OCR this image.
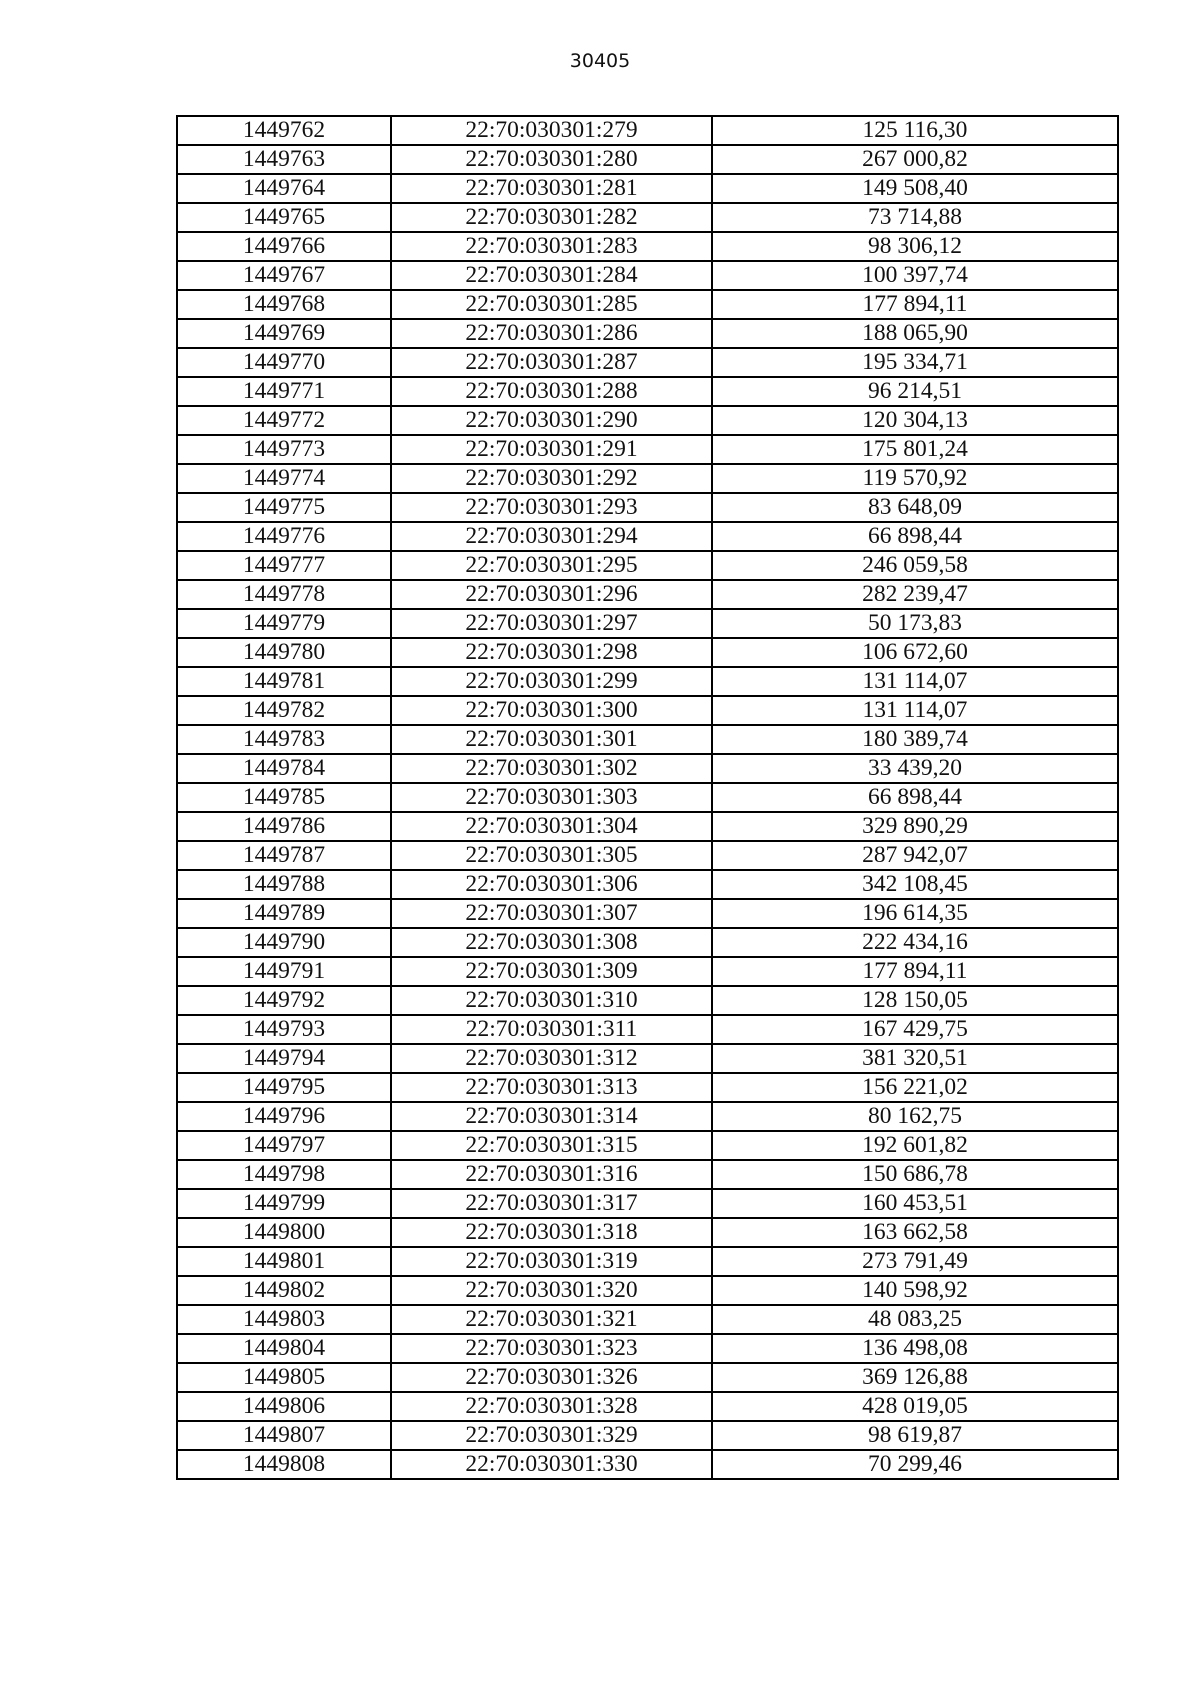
30405
1449762	22:70:030301:279	125 116,30
1449763	22:70:030301:280	267 000,82
1449764	22:70:030301:281	149 508,40
1449765	22:70:030301:282	73 714,88
1449766	22:70:030301:283	98 306,12
1449767	22:70:030301:284	100 397,74
1449768	22:70:030301:285	177 894,11
1449769	22:70:030301:286	188 065,90
1449770	22:70:030301:287	195 334,71
1449771	22:70:030301:288	96 214,51
1449772	22:70:030301:290	120 304,13
1449773	22:70:030301:291	175 801,24
1449774	22:70:030301:292	119 570,92
1449775	22:70:030301:293	83 648,09
1449776	22:70:030301:294	66 898,44
1449777	22:70:030301:295	246 059,58
1449778	22:70:030301:296	282 239,47
1449779	22:70:030301:297	50 173,83
1449780	22:70:030301:298	106 672,60
1449781	22:70:030301:299	131 114,07
1449782	22:70:030301:300	131 114,07
1449783	22:70:030301:301	180 389,74
1449784	22:70:030301:302	33 439,20
1449785	22:70:030301:303	66 898,44
1449786	22:70:030301:304	329 890,29
1449787	22:70:030301:305	287 942,07
1449788	22:70:030301:306	342 108,45
1449789	22:70:030301:307	196 614,35
1449790	22:70:030301:308	222 434,16
1449791	22:70:030301:309	177 894,11
1449792	22:70:030301:310	128 150,05
1449793	22:70:030301:311	167 429,75
1449794	22:70:030301:312	381 320,51
1449795	22:70:030301:313	156 221,02
1449796	22:70:030301:314	80 162,75
1449797	22:70:030301:315	192 601,82
1449798	22:70:030301:316	150 686,78
1449799	22:70:030301:317	160 453,51
1449800	22:70:030301:318	163 662,58
1449801	22:70:030301:319	273 791,49
1449802	22:70:030301:320	140 598,92
1449803	22:70:030301:321	48 083,25
1449804	22:70:030301:323	136 498,08
1449805	22:70:030301:326	369 126,88
1449806	22:70:030301:328	428 019,05
1449807	22:70:030301:329	98 619,87
1449808	22:70:030301:330	70 299,46
